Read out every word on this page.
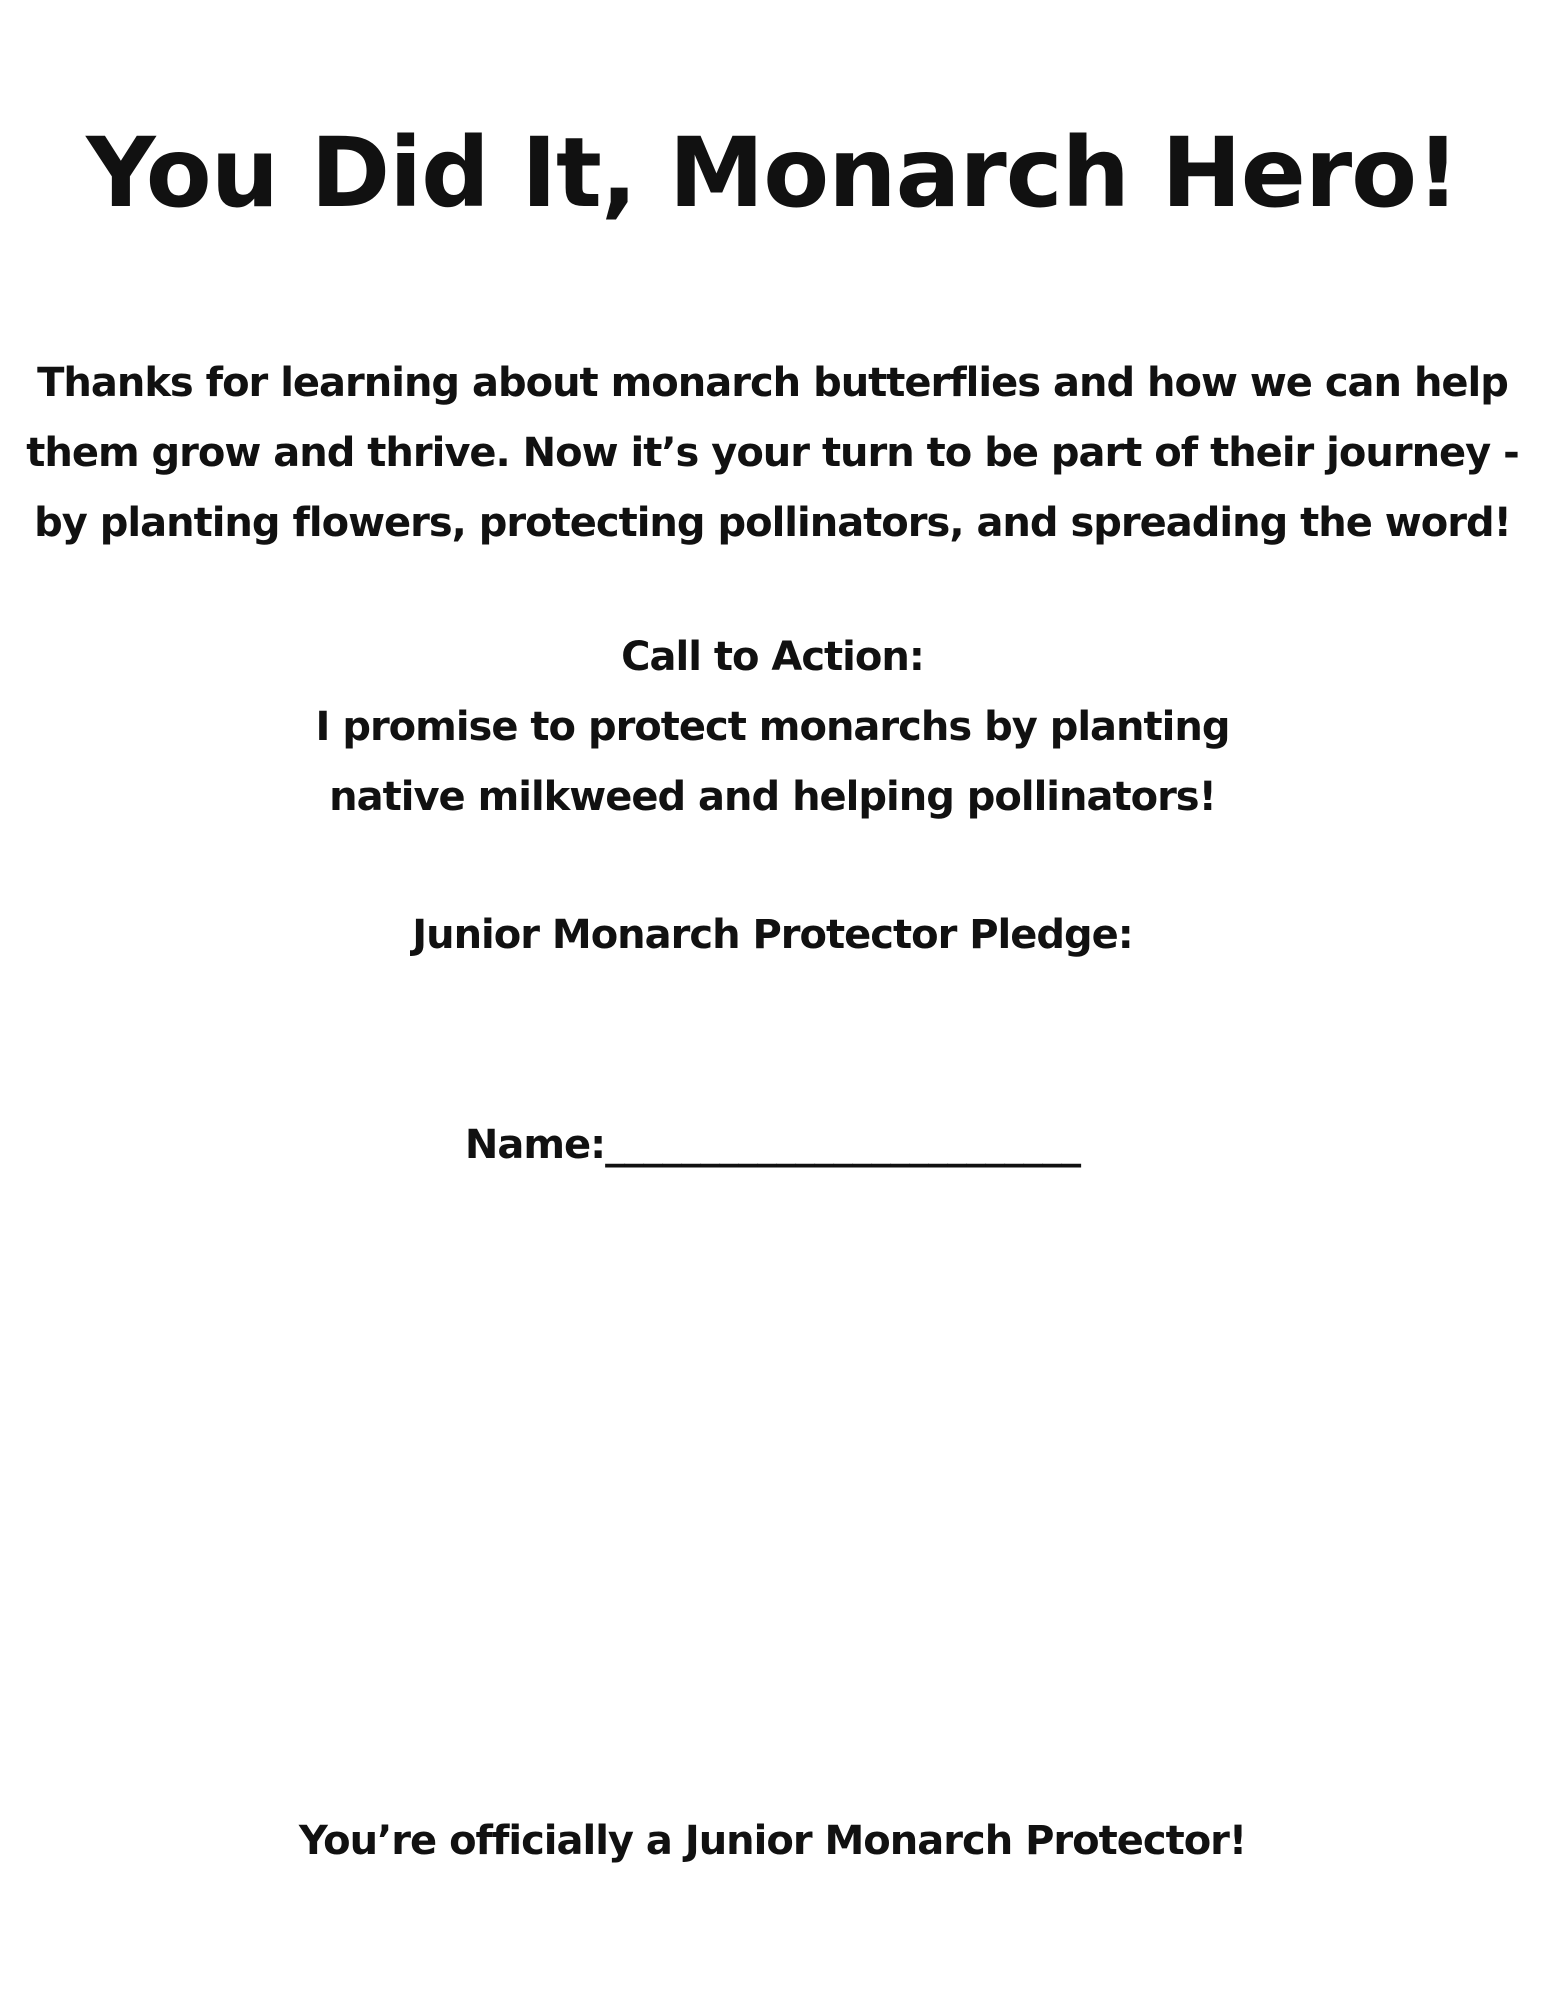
You Did It, Monarch Hero!

Thanks for learning about monarch butterflies and how we can help them grow and thrive. Now it’s your turn to be part of their journey - by planting flowers, protecting pollinators, and spreading the word!

Call to Action:

I promise to protect monarchs by planting

native milkweed and helping pollinators!

Junior Monarch Protector Pledge:

Name:_________________________

You’re officially a Junior Monarch Protector!
